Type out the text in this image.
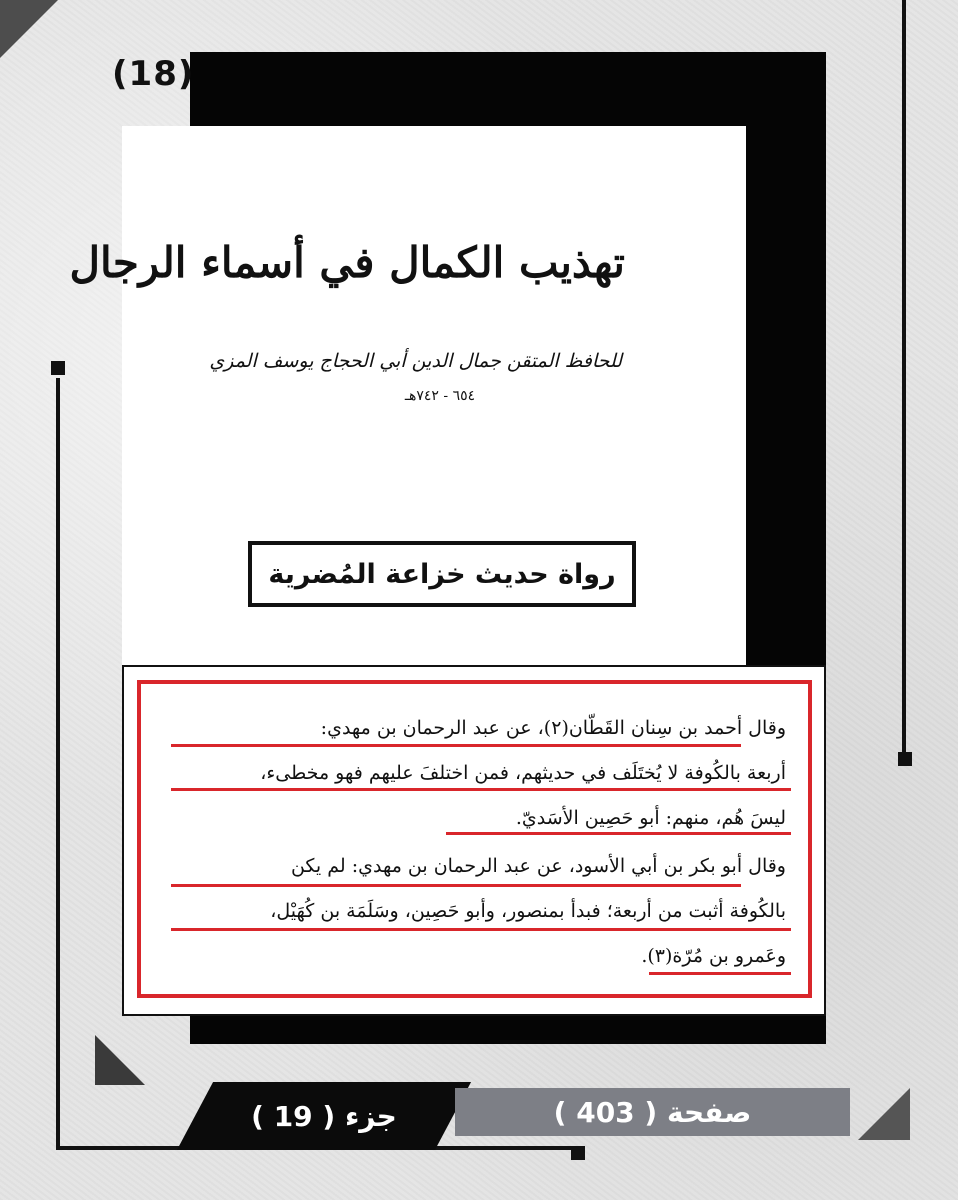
(18)
تهذيب الكمال في أسماء الرجال
للحافظ المتقن جمال الدين أبي الحجاج يوسف المزي
٦٥٤ - ٧٤٢هـ
رواة حديث خزاعة المُضرية
وقال أحمد بن سِنان القَطّان(٢)، عن عبد الرحمان بن مهدي:
أربعة بالكُوفة لا يُختَلَف في حديثهم، فمن اختلفَ عليهم فهو مخطىء،
ليسَ هُم، منهم: أبو حَصِين الأسَديّ.
وقال أبو بكر بن أبي الأسود، عن عبد الرحمان بن مهدي: لم يكن
بالكُوفة أثبت من أربعة؛ فبدأ بمنصور، وأبو حَصِين، وسَلَمَة بن كُهَيْل،
وعَمرو بن مُرّة(٣).
جزء ( 19 )	صفحة ( 403 )
